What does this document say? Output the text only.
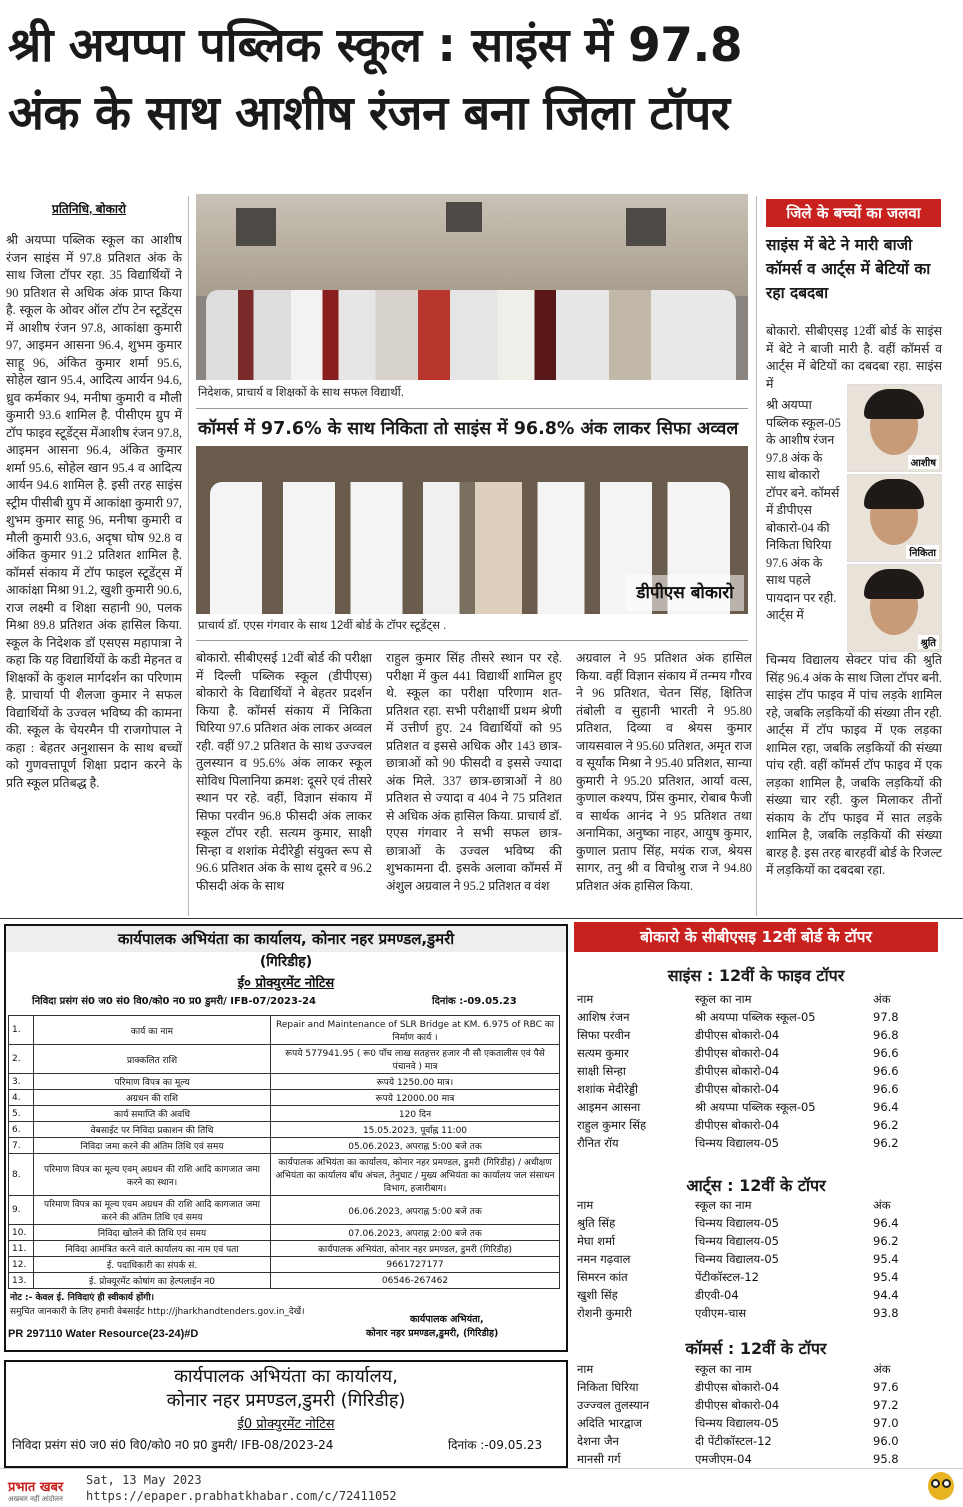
श्री अयप्पा पब्लिक स्कूल : साइंस में 97.8
अंक के साथ आशीष रंजन बना जिला टॉपर
प्रतिनिधि, बोकारो
श्री अयप्पा पब्लिक स्कूल का आशीष रंजन साइंस में 97.8 प्रतिशत अंक के साथ जिला टॉपर रहा. 35 विद्यार्थियों ने 90 प्रतिशत से अधिक अंक प्राप्त किया है. स्कूल के ओवर ऑल टॉप टेन स्टूडेंट्स में आशीष रंजन 97.8, आकांक्षा कुमारी 97, आइमन आसना 96.4, शुभम कुमार साहू 96, अंकित कुमार शर्मा 95.6, सोहेल खान 95.4, आदित्य आर्यन 94.6, ध्रुव कर्मकार 94, मनीषा कुमारी व मौली कुमारी 93.6 शामिल है. पीसीएम ग्रुप में टॉप फाइव स्टूडेंट्स मेंआशीष रंजन 97.8, आइमन आसना 96.4, अंकित कुमार शर्मा 95.6, सोहेल खान 95.4 व आदित्य आर्यन 94.6 शामिल है. इसी तरह साइंस स्ट्रीम पीसीबी ग्रुप में आकांक्षा कुमारी 97, शुभम कुमार साहू 96, मनीषा कुमारी व मौली कुमारी 93.6, अदृषा घोष 92.8 व अंकित कुमार 91.2 प्रतिशत शामिल है. कॉमर्स संकाय में टॉप फाइल स्टूडेंट्स में आकांक्षा मिश्रा 91.2, खुशी कुमारी 90.6, राज लक्ष्मी व शिक्षा सहानी 90, पलक मिश्रा 89.8 प्रतिशत अंक हासिल किया. स्कूल के निदेशक डॉ एसएस महापात्रा ने कहा कि यह विद्यार्थियों के कडी मेहनत व शिक्षकों के कुशल मार्गदर्शन का परिणाम है. प्राचार्या पी शैलजा कुमार ने सफल विद्यार्थियों के उज्वल भविष्य की कामना की. स्कूल के चेयरमैन पी राजगोपाल ने कहा : बेहतर अनुशासन के साथ बच्चों को गुणवत्तापूर्ण शिक्षा प्रदान करने के प्रति स्कूल प्रतिबद्ध है.
निदेशक, प्राचार्य व शिक्षकों के साथ सफल विद्यार्थी.
कॉमर्स में 97.6% के साथ निकिता तो साइंस में 96.8% अंक लाकर सिफा अव्वल
डीपीएस बोकारो
प्राचार्य डॉ. एएस गंगवार के साथ 12वीं बोर्ड के टॉपर स्टूडेंट्स .
बोकारो. सीबीएसई 12वीं बोर्ड की परीक्षा में दिल्ली पब्लिक स्कूल (डीपीएस) बोकारो के विद्यार्थियों ने बेहतर प्रदर्शन किया है. कॉमर्स संकाय में निकिता घिरिया 97.6 प्रतिशत अंक लाकर अव्वल रही. वहीं 97.2 प्रतिशत के साथ उज्ज्वल तुलस्यान व 95.6% अंक लाकर स्कूल सोविध पिलानिया क्रमश: दूसरे एवं तीसरे स्थान पर रहे. वहीं, विज्ञान संकाय में सिफा परवीन 96.8 फीसदी अंक लाकर स्कूल टॉपर रही. सत्यम कुमार, साक्षी सिन्हा व शशांक मेदीरेड्डी संयुक्त रूप से 96.6 प्रतिशत अंक के साथ दूसरे व 96.2 फीसदी अंक के साथ
राहुल कुमार सिंह तीसरे स्थान पर रहे. परीक्षा में कुल 441 विद्यार्थी शामिल हुए थे. स्कूल का परीक्षा परिणाम शत-प्रतिशत रहा. सभी परीक्षार्थी प्रथम श्रेणी में उत्तीर्ण हुए. 24 विद्यार्थियों को 95 प्रतिशत व इससे अधिक और 143 छात्र-छात्राओं को 90 फीसदी व इससे ज्यादा अंक मिले. 337 छात्र-छात्राओं ने 80 प्रतिशत से ज्यादा व 404 ने 75 प्रतिशत से अधिक अंक हासिल किया. प्राचार्य डॉ. एएस गंगवार ने सभी सफल छात्र-छात्राओं के उज्वल भविष्य की शुभकामना दी. इसके अलावा कॉमर्स में अंशुल अग्रवाल ने 95.2 प्रतिशत व वंश
अग्रवाल ने 95 प्रतिशत अंक हासिल किया. वहीं विज्ञान संकाय में तन्मय गौरव ने 96 प्रतिशत, चेतन सिंह, क्षितिज तंबोली व सुहानी भारती ने 95.80 प्रतिशत, दिव्या व श्रेयस कुमार जायसवाल ने 95.60 प्रतिशत, अमृत राज व सूर्यांक मिश्रा ने 95.40 प्रतिशत, सान्या कुमारी ने 95.20 प्रतिशत, आर्या वत्स, कुणाल कश्यप, प्रिंस कुमार, रोबाब फैजी व सार्थक आनंद ने 95 प्रतिशत तथा अनामिका, अनुष्का नाहर, आयुष कुमार, कुणाल प्रताप सिंह, मयंक राज, श्रेयस सागर, तनु श्री व विचोश्रु राज ने 94.80 प्रतिशत अंक हासिल किया.
जिले के बच्चों का जलवा
साइंस में बेटे ने मारी बाजी कॉमर्स व आर्ट्स में बेटियों का रहा दबदबा
बोकारो. सीबीएसइ 12वीं बोर्ड के साइंस में बेटे ने बाजी मारी है. वहीं कॉमर्स व आर्ट्स में बेटियों का दबदबा रहा. साइंस में
श्री अयप्पा पब्लिक स्कूल-05 के आशीष रंजन 97.8 अंक के साथ बोकारो टॉपर बने. कॉमर्स में डीपीएस बोकारो-04 की निकिता घिरिया 97.6 अंक के साथ पहले पायदान पर रही. आर्ट्स में
आशीष
निकिता
श्रुति
चिन्मय विद्यालय सेक्टर पांच की श्रुति सिंह 96.4 अंक के साथ जिला टॉपर बनी. साइंस टॉप फाइव में पांच लड़के शामिल रहे, जबकि लड़कियों की संख्या तीन रही. आर्ट्स में टॉप फाइव में एक लड़का शामिल रहा, जबकि लड़कियों की संख्या पांच रही. वहीं कॉमर्स टॉप फाइव में एक लड़का शामिल है, जबकि लड़कियों की संख्या चार रही. कुल मिलाकर तीनों संकाय के टॉप फाइव में सात लड़के शामिल है, जबकि लड़कियों की संख्या बारह है. इस तरह बारहवीं बोर्ड के रिजल्ट में लड़कियों का दबदबा रहा.
कार्यपालक अभियंता का कार्यालय, कोनार नहर प्रमण्डल,डुमरी
(गिरिडीह)
ई० प्रोक्युरमेंट नोटिस
निविदा प्रसंग सं0 ज0 सं0 वि0/को0 न0 प्र0 डुमरी/ IFB-07/2023-24	दिनांक :-09.05.23
1.	कार्य का नाम	Repair and Maintenance of SLR Bridge at KM. 6.975 of RBC का निर्माण कार्य ।
2.	प्राक्कलित राशि	रूपये 577941.95 ( रू0 पाँच लाख सतहत्तर हजार नौ सौ एकतालीस एवं पैसे पंचानवे ) मात्र
3.	परिमाण विपत्र का मूल्य	रूपये 1250.00 मात्र।
4.	अग्रधन की राशि	रूपये 12000.00 मात्र
5.	कार्य समाप्ति की अवधि	120 दिन
6.	वेबसाईट पर निविदा प्रकाशन की तिथि	15.05.2023, पूर्वाह्न 11:00
7.	निविदा जमा करने की अंतिम तिथि एवं समय	05.06.2023, अपराह्न 5:00 बजे तक
8.	परिमाण विपत्र का मूल्य एवम् अग्रधन की राशि आदि कागजात जमा करने का स्थान।	कार्यपालक अभियंता का कार्यालय, कोनार नहर प्रमण्डल, डुमरी (गिरिडीह) / अधीक्षण अभियंता का कार्यालय बाँध अंचल, तेनुघाट / मुख्य अभियंता का कार्यालय जल संसाधन विभाग, हजारीबाग।
9.	परिमाण विपत्र का मूल्य एवम अग्रधन की राशि आदि कागजात जमा करने की अंतिम तिथि एवं समय	06.06.2023, अपराह्न 5:00 बजे तक
10.	निविदा खोलने की तिथि एवं समय	07.06.2023, अपराह्न 2:00 बजे तक
11.	निविदा आमंत्रित करने वाले कार्यालय का नाम एवं पता	कार्यपालक अभियंता, कोनार नहर प्रमण्डल, डुमरी (गिरिडीह)
12.	ई. पदाधिकारी का संपर्क सं.	9661727177
13.	ई. प्रोक्यूरमेंट कोषांग का हेल्पलाईन न0	06546-267462
नोट :- केवल ई. निविदाएं ही स्वीकार्य होंगी।
समुचित जानकारी के लिए हमारी वेबसाईट http://jharkhandtenders.gov.in_देखें।
कार्यपालक अभियंता,
कोनार नहर प्रमण्डल,डुमरी, (गिरिडीह)
PR 297110 Water Resource(23-24)#D
कार्यपालक अभियंता का कार्यालय,
कोनार नहर प्रमण्डल,डुमरी (गिरिडीह)
ई0 प्रोक्युरमेंट नोटिस
निविदा प्रसंग सं0 ज0 सं0 वि0/को0 न0 प्र0 डुमरी/ IFB-08/2023-24	दिनांक :-09.05.23
बोकारो के सीबीएसइ 12वीं बोर्ड के टॉपर
साइंस : 12वीं के फाइव टॉपर
नाम	स्कूल का नाम	अंक
आशिष रंजन	श्री अयप्पा पब्लिक स्कूल-05	97.8
सिफा परवीन	डीपीएस बोकारो-04	96.8
सत्यम कुमार	डीपीएस बोकारो-04	96.6
साक्षी सिन्हा	डीपीएस बोकारो-04	96.6
शशांक मेदीरेड्डी	डीपीएस बोकारो-04	96.6
आइमन आसना	श्री अयप्पा पब्लिक स्कूल-05	96.4
राहुल कुमार सिंह	डीपीएस बोकारो-04	96.2
रौनित रॉय	चिन्मय विद्यालय-05	96.2
आर्ट्स : 12वीं के टॉपर
नाम	स्कूल का नाम	अंक
श्रुति सिंह	चिन्मय विद्यालय-05	96.4
मेघा शर्मा	चिन्मय विद्यालय-05	96.2
नमन गढ़वाल	चिन्मय विद्यालय-05	95.4
सिमरन कांत	पेंटीकॉस्टल-12	95.4
खुशी सिंह	डीएवी-04	94.4
रोशनी कुमारी	एवीएम-चास	93.8
कॉमर्स : 12वीं के टॉपर
नाम	स्कूल का नाम	अंक
निकिता घिरिया	डीपीएस बोकारो-04	97.6
उज्ज्वल तुलस्यान	डीपीएस बोकारो-04	97.2
अदिति भारद्वाज	चिन्मय विद्यालय-05	97.0
देशना जैन	दी पेंटीकॉस्टल-12	96.0
मानसी गर्ग	एमजीएम-04	95.8
प्रभात खबर
अखबार नहीं आंदोलन
Sat, 13 May 2023
https://epaper.prabhatkhabar.com/c/72411052
